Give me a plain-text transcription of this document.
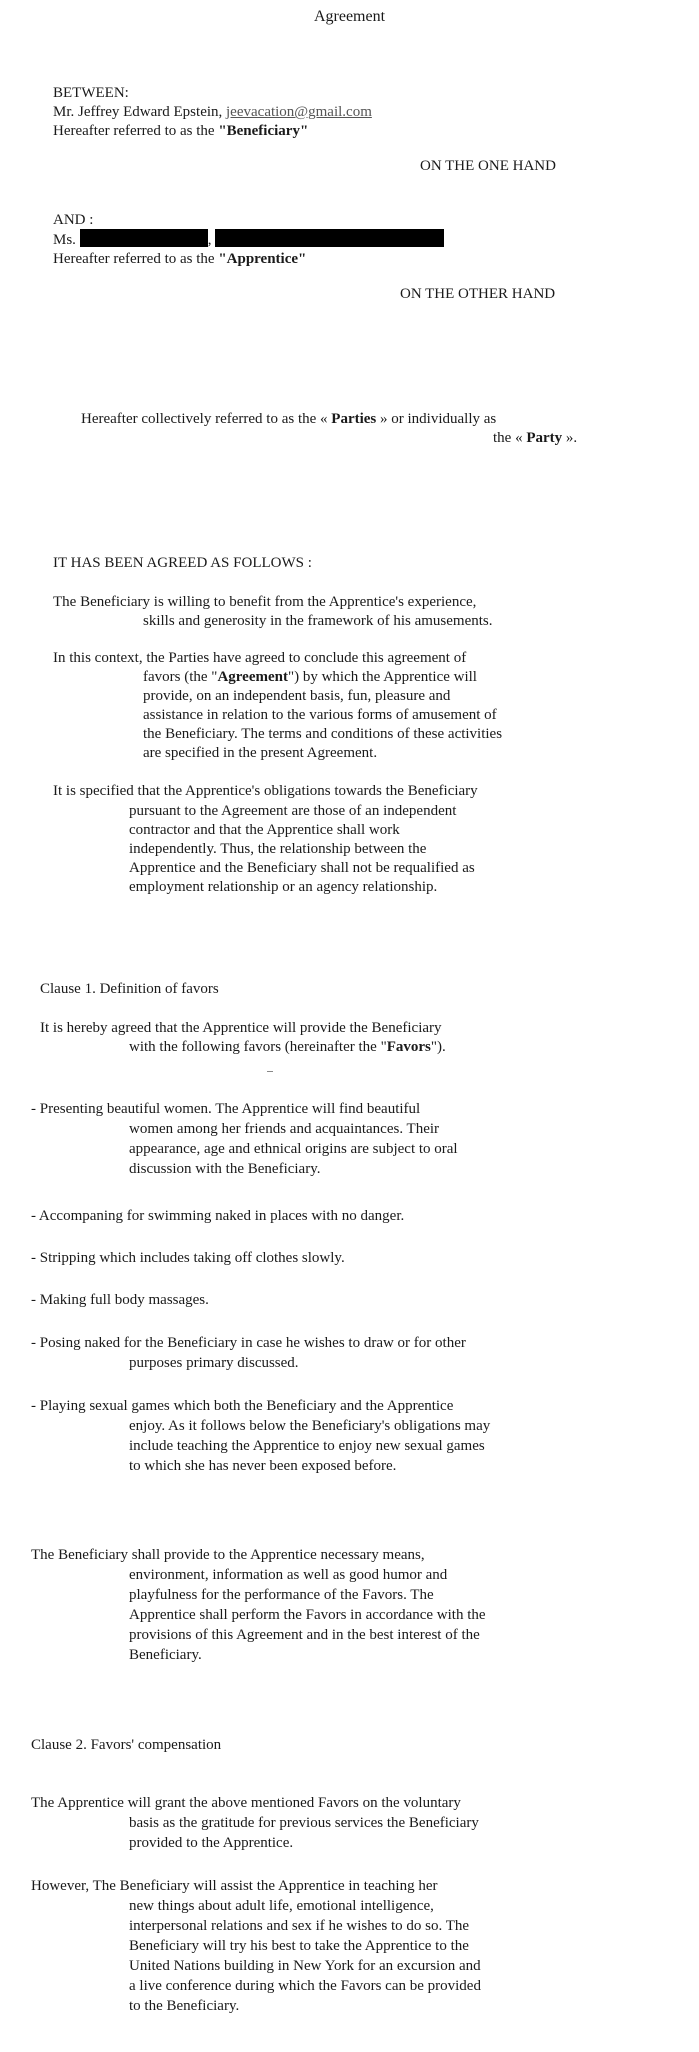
Agreement
BETWEEN:
Mr. Jeffrey Edward Epstein, jeevacation@gmail.com
Hereafter referred to as the "Beneficiary"
ON THE ONE HAND
AND :
Ms.	,
Hereafter referred to as the "Apprentice"
ON THE OTHER HAND
Hereafter collectively referred to as the « Parties » or individually as
the « Party ».
IT HAS BEEN AGREED AS FOLLOWS :
The Beneficiary is willing to benefit from the Apprentice's experience,
skills and generosity in the framework of his amusements.
In this context, the Parties have agreed to conclude this agreement of
favors (the "Agreement") by which the Apprentice will
provide, on an independent basis, fun, pleasure and
assistance in relation to the various forms of amusement of
the Beneficiary. The terms and conditions of these activities
are specified in the present Agreement.
It is specified that the Apprentice's obligations towards the Beneficiary
pursuant to the Agreement are those of an independent
contractor and that the Apprentice shall work
independently. Thus, the relationship between the
Apprentice and the Beneficiary shall not be requalified as
employment relationship or an agency relationship.
Clause 1. Definition of favors
It is hereby agreed that the Apprentice will provide the Beneficiary
with the following favors (hereinafter the "Favors").
- Presenting beautiful women. The Apprentice will find beautiful
women among her friends and acquaintances. Their
appearance, age and ethnical origins are subject to oral
discussion with the Beneficiary.
- Accompaning for swimming naked in places with no danger.
- Stripping which includes taking off clothes slowly.
- Making full body massages.
- Posing naked for the Beneficiary in case he wishes to draw or for other
purposes primary discussed.
- Playing sexual games which both the Beneficiary and the Apprentice
enjoy. As it follows below the Beneficiary's obligations may
include teaching the Apprentice to enjoy new sexual games
to which she has never been exposed before.
The Beneficiary shall provide to the Apprentice necessary means,
environment, information as well as good humor and
playfulness for the performance of the Favors. The
Apprentice shall perform the Favors in accordance with the
provisions of this Agreement and in the best interest of the
Beneficiary.
Clause 2. Favors' compensation
The Apprentice will grant the above mentioned Favors on the voluntary
basis as the gratitude for previous services the Beneficiary
provided to the Apprentice.
However, The Beneficiary will assist the Apprentice in teaching her
new things about adult life, emotional intelligence,
interpersonal relations and sex if he wishes to do so. The
Beneficiary will try his best to take the Apprentice to the
United Nations building in New York for an excursion and
a live conference during which the Favors can be provided
to the Beneficiary.
